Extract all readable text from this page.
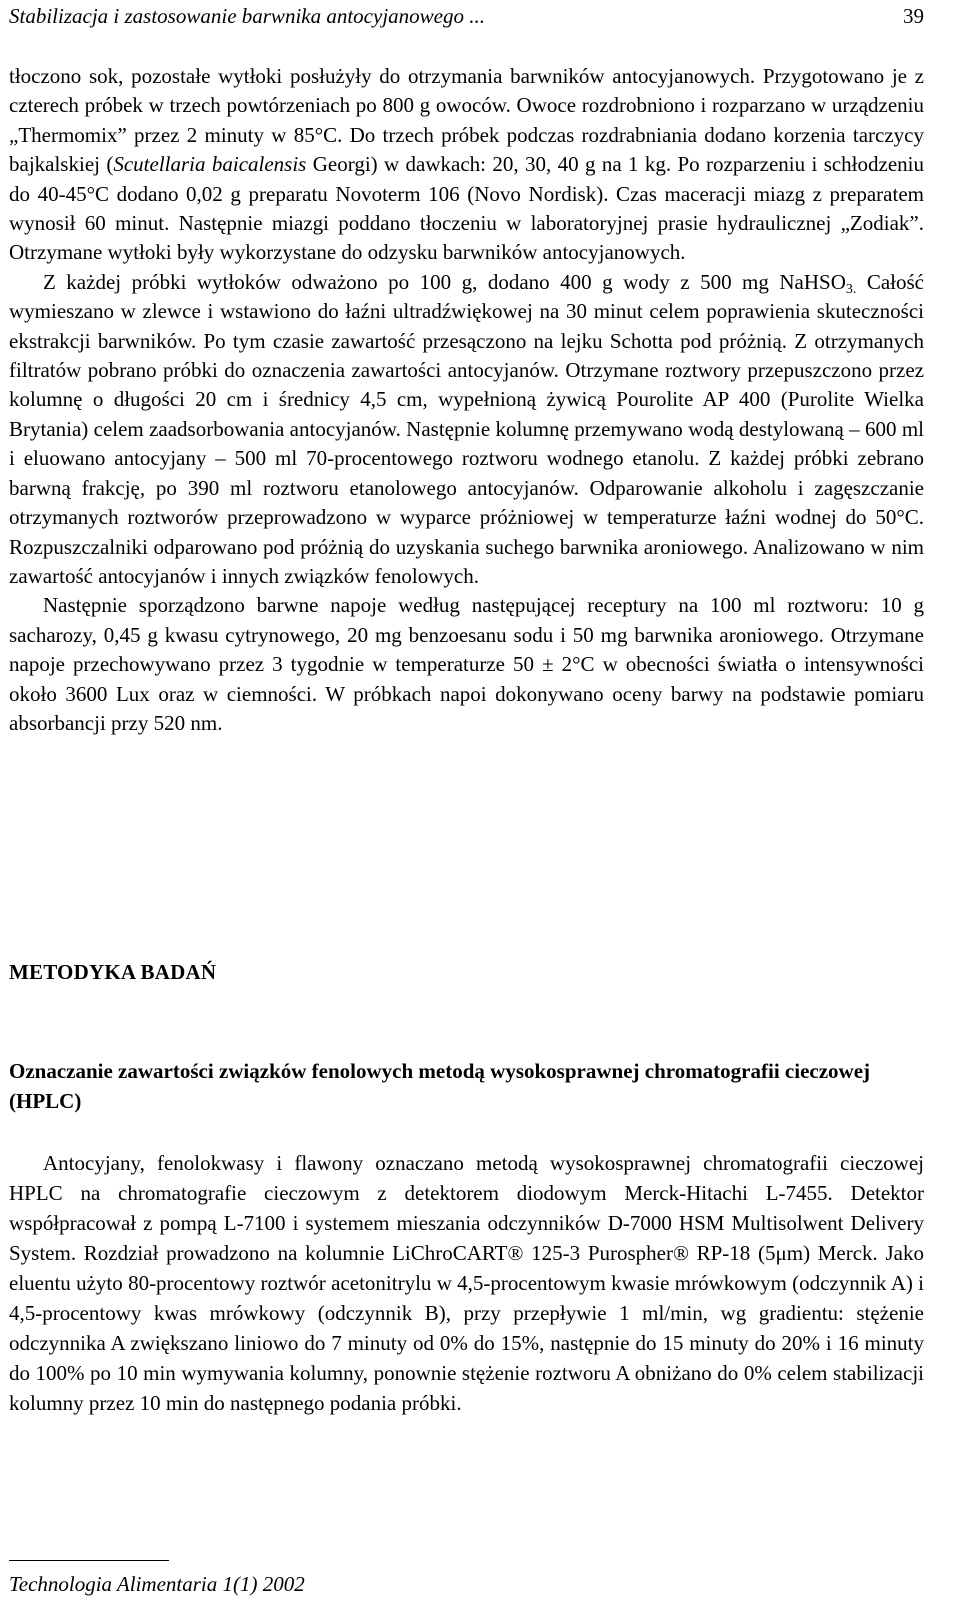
Stabilizacja i zastosowanie barwnika antocyjanowego ...	39

tłoczono sok, pozostałe wytłoki posłużyły do otrzymania barwników antocyjanowych. Przygotowano je z czterech próbek w trzech powtórzeniach po 800 g owoców. Owoce rozdrobniono i rozparzano w urządzeniu „Thermomix” przez 2 minuty w 85°C. Do trzech próbek podczas rozdrabniania dodano korzenia tarczycy bajkalskiej (Scutellaria baicalensis Georgi) w dawkach: 20, 30, 40 g na 1 kg. Po rozparzeniu i schłodzeniu do 40-45°C dodano 0,02 g preparatu Novoterm 106 (Novo Nordisk). Czas maceracji miazg z preparatem wynosił 60 minut. Następnie miazgi poddano tłoczeniu w laboratoryjnej prasie hydraulicznej „Zodiak”. Otrzymane wytłoki były wykorzystane do odzysku barwników antocyjanowych.

Z każdej próbki wytłoków odważono po 100 g, dodano 400 g wody z 500 mg NaHSO$_{3.}$ Całość wymieszano w zlewce i wstawiono do łaźni ultradźwiękowej na 30 minut celem poprawienia skuteczności ekstrakcji barwników. Po tym czasie zawartość przesączono na lejku Schotta pod próżnią. Z otrzymanych filtratów pobrano próbki do oznaczenia zawartości antocyjanów. Otrzymane roztwory przepuszczono przez kolumnę o długości 20 cm i średnicy 4,5 cm, wypełnioną żywicą Pourolite AP 400 (Purolite Wielka Brytania) celem zaadsorbowania antocyjanów. Następnie kolumnę przemywano wodą destylowaną – 600 ml i eluowano antocyjany – 500 ml 70-procentowego roztworu wodnego etanolu. Z każdej próbki zebrano barwną frakcję, po 390 ml roztworu etanolowego antocyjanów. Odparowanie alkoholu i zagęszczanie otrzymanych roztworów przeprowadzono w wyparce próżniowej w temperaturze łaźni wodnej do 50°C. Rozpuszczalniki odparowano pod próżnią do uzyskania suchego barwnika aroniowego. Analizowano w nim zawartość antocyjanów i innych związków fenolowych.

Następnie sporządzono barwne napoje według następującej receptury na 100 ml roztworu: 10 g sacharozy, 0,45 g kwasu cytrynowego, 20 mg benzoesanu sodu i 50 mg barwnika aroniowego. Otrzymane napoje przechowywano przez 3 tygodnie w temperaturze 50 ± 2°C w obecności światła o intensywności około 3600 Lux oraz w ciemności. W próbkach napoi dokonywano oceny barwy na podstawie pomiaru absorbancji przy 520 nm.

METODYKA BADAŃ
Oznaczanie zawartości związków fenolowych metodą wysokosprawnej chromatografii cieczowej (HPLC)

Antocyjany, fenolokwasy i flawony oznaczano metodą wysokosprawnej chromatografii cieczowej HPLC na chromatografie cieczowym z detektorem diodowym Merck-Hitachi L-7455. Detektor współpracował z pompą L-7100 i systemem mieszania odczynników D-7000 HSM Multisolwent Delivery System. Rozdział prowadzono na kolumnie LiChroCART® 125-3 Purospher® RP-18 (5μm) Merck. Jako eluentu użyto 80-procentowy roztwór acetonitrylu w 4,5-procentowym kwasie mrówkowym (odczynnik A) i 4,5-procentowy kwas mrówkowy (odczynnik B), przy przepływie 1 ml/min, wg gradientu: stężenie odczynnika A zwiększano liniowo do 7 minuty od 0% do 15%, następnie do 15 minuty do 20% i 16 minuty do 100% po 10 min wymywania kolumny, ponownie stężenie roztworu A obniżano do 0% celem stabilizacji kolumny przez 10 min do następnego podania próbki.

Technologia Alimentaria 1(1) 2002
